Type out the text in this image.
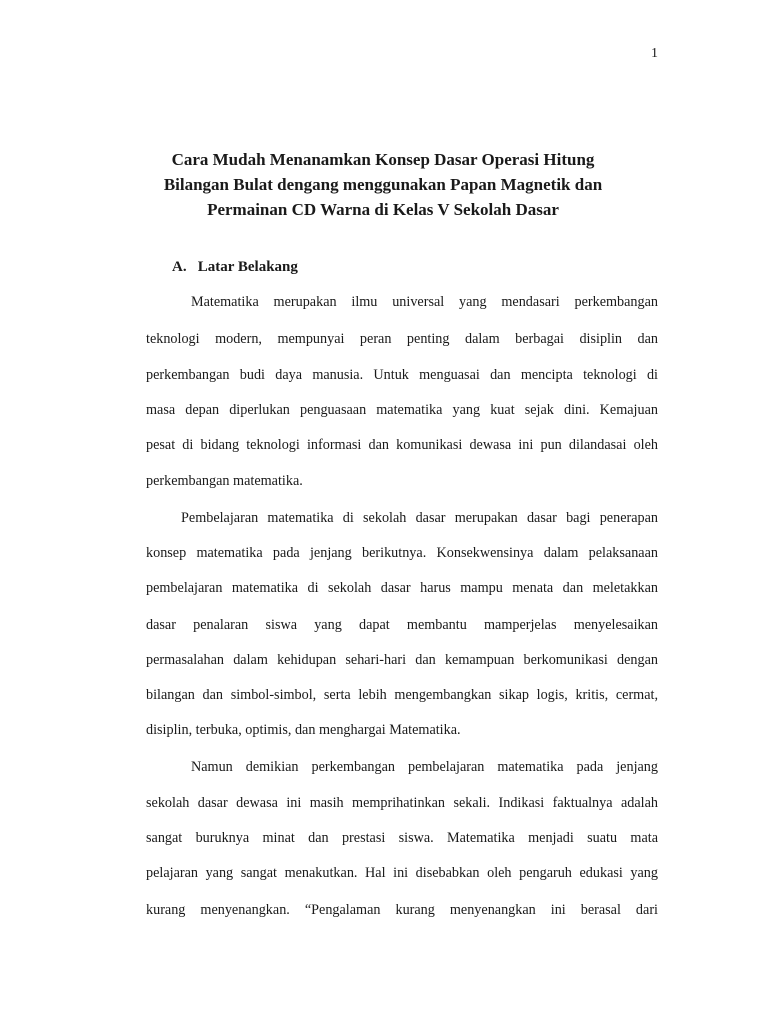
1
Cara Mudah Menanamkan Konsep Dasar Operasi Hitung
Bilangan Bulat dengang menggunakan Papan Magnetik dan
Permainan CD Warna di Kelas V Sekolah Dasar
A. Latar Belakang
Matematika merupakan ilmu universal yang mendasari perkembangan
teknologi modern, mempunyai peran penting dalam berbagai disiplin dan
perkembangan budi daya manusia. Untuk menguasai dan mencipta teknologi di
masa depan diperlukan penguasaan matematika yang kuat sejak dini. Kemajuan
pesat di bidang teknologi informasi dan komunikasi dewasa ini pun dilandasai oleh
perkembangan matematika.
Pembelajaran matematika di sekolah dasar merupakan dasar bagi penerapan
konsep matematika pada jenjang berikutnya. Konsekwensinya dalam pelaksanaan
pembelajaran matematika di sekolah dasar harus mampu menata dan meletakkan
dasar penalaran siswa yang dapat membantu mamperjelas menyelesaikan
permasalahan dalam kehidupan sehari-hari dan kemampuan berkomunikasi dengan
bilangan dan simbol-simbol, serta lebih mengembangkan sikap logis, kritis, cermat,
disiplin, terbuka, optimis, dan menghargai Matematika.
Namun demikian perkembangan pembelajaran matematika pada jenjang
sekolah dasar dewasa ini masih memprihatinkan sekali. Indikasi faktualnya adalah
sangat buruknya minat dan prestasi siswa. Matematika menjadi suatu mata
pelajaran yang sangat menakutkan. Hal ini disebabkan oleh pengaruh edukasi yang
kurang menyenangkan. “Pengalaman kurang menyenangkan ini berasal dari
